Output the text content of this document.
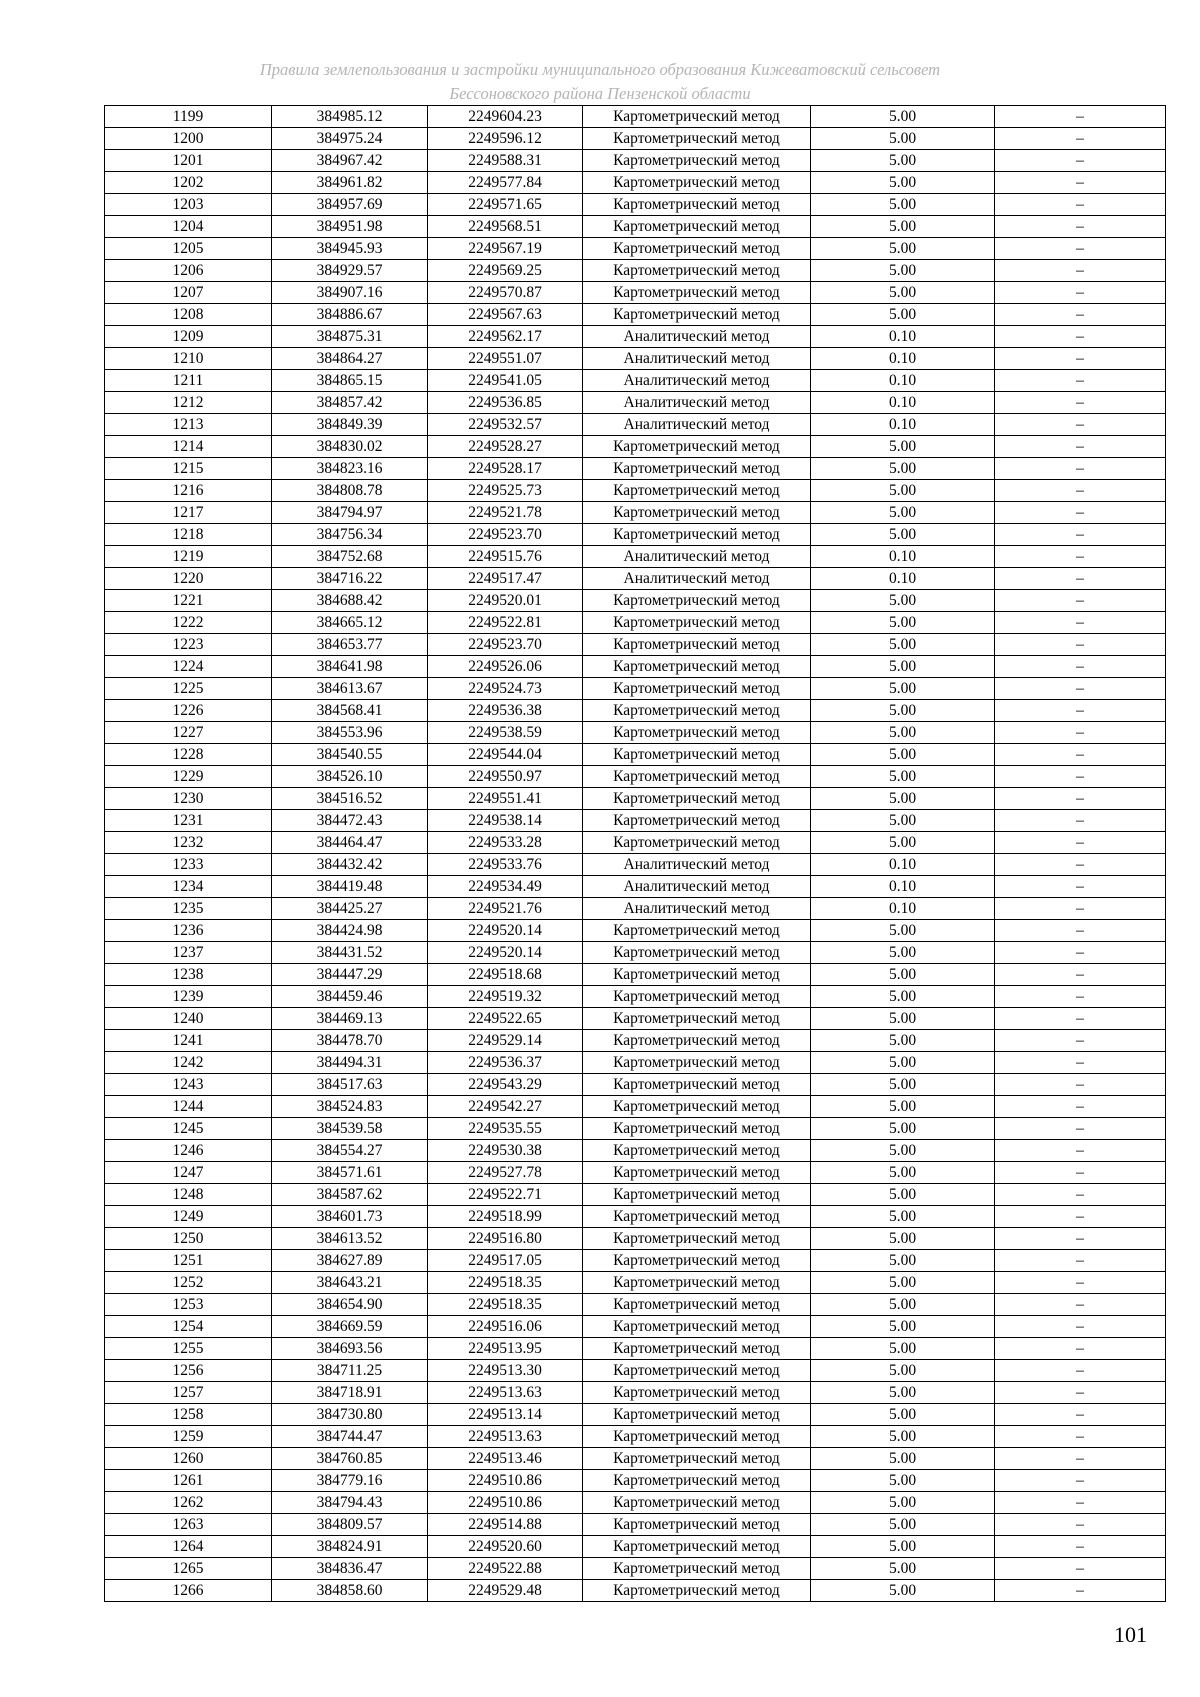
Правила землепользования и застройки муниципального образования Кижеватовский сельсовет
Бессоновского района Пензенской области
1199	384985.12	2249604.23	Картометрический метод	5.00	–
1200	384975.24	2249596.12	Картометрический метод	5.00	–
1201	384967.42	2249588.31	Картометрический метод	5.00	–
1202	384961.82	2249577.84	Картометрический метод	5.00	–
1203	384957.69	2249571.65	Картометрический метод	5.00	–
1204	384951.98	2249568.51	Картометрический метод	5.00	–
1205	384945.93	2249567.19	Картометрический метод	5.00	–
1206	384929.57	2249569.25	Картометрический метод	5.00	–
1207	384907.16	2249570.87	Картометрический метод	5.00	–
1208	384886.67	2249567.63	Картометрический метод	5.00	–
1209	384875.31	2249562.17	Аналитический метод	0.10	–
1210	384864.27	2249551.07	Аналитический метод	0.10	–
1211	384865.15	2249541.05	Аналитический метод	0.10	–
1212	384857.42	2249536.85	Аналитический метод	0.10	–
1213	384849.39	2249532.57	Аналитический метод	0.10	–
1214	384830.02	2249528.27	Картометрический метод	5.00	–
1215	384823.16	2249528.17	Картометрический метод	5.00	–
1216	384808.78	2249525.73	Картометрический метод	5.00	–
1217	384794.97	2249521.78	Картометрический метод	5.00	–
1218	384756.34	2249523.70	Картометрический метод	5.00	–
1219	384752.68	2249515.76	Аналитический метод	0.10	–
1220	384716.22	2249517.47	Аналитический метод	0.10	–
1221	384688.42	2249520.01	Картометрический метод	5.00	–
1222	384665.12	2249522.81	Картометрический метод	5.00	–
1223	384653.77	2249523.70	Картометрический метод	5.00	–
1224	384641.98	2249526.06	Картометрический метод	5.00	–
1225	384613.67	2249524.73	Картометрический метод	5.00	–
1226	384568.41	2249536.38	Картометрический метод	5.00	–
1227	384553.96	2249538.59	Картометрический метод	5.00	–
1228	384540.55	2249544.04	Картометрический метод	5.00	–
1229	384526.10	2249550.97	Картометрический метод	5.00	–
1230	384516.52	2249551.41	Картометрический метод	5.00	–
1231	384472.43	2249538.14	Картометрический метод	5.00	–
1232	384464.47	2249533.28	Картометрический метод	5.00	–
1233	384432.42	2249533.76	Аналитический метод	0.10	–
1234	384419.48	2249534.49	Аналитический метод	0.10	–
1235	384425.27	2249521.76	Аналитический метод	0.10	–
1236	384424.98	2249520.14	Картометрический метод	5.00	–
1237	384431.52	2249520.14	Картометрический метод	5.00	–
1238	384447.29	2249518.68	Картометрический метод	5.00	–
1239	384459.46	2249519.32	Картометрический метод	5.00	–
1240	384469.13	2249522.65	Картометрический метод	5.00	–
1241	384478.70	2249529.14	Картометрический метод	5.00	–
1242	384494.31	2249536.37	Картометрический метод	5.00	–
1243	384517.63	2249543.29	Картометрический метод	5.00	–
1244	384524.83	2249542.27	Картометрический метод	5.00	–
1245	384539.58	2249535.55	Картометрический метод	5.00	–
1246	384554.27	2249530.38	Картометрический метод	5.00	–
1247	384571.61	2249527.78	Картометрический метод	5.00	–
1248	384587.62	2249522.71	Картометрический метод	5.00	–
1249	384601.73	2249518.99	Картометрический метод	5.00	–
1250	384613.52	2249516.80	Картометрический метод	5.00	–
1251	384627.89	2249517.05	Картометрический метод	5.00	–
1252	384643.21	2249518.35	Картометрический метод	5.00	–
1253	384654.90	2249518.35	Картометрический метод	5.00	–
1254	384669.59	2249516.06	Картометрический метод	5.00	–
1255	384693.56	2249513.95	Картометрический метод	5.00	–
1256	384711.25	2249513.30	Картометрический метод	5.00	–
1257	384718.91	2249513.63	Картометрический метод	5.00	–
1258	384730.80	2249513.14	Картометрический метод	5.00	–
1259	384744.47	2249513.63	Картометрический метод	5.00	–
1260	384760.85	2249513.46	Картометрический метод	5.00	–
1261	384779.16	2249510.86	Картометрический метод	5.00	–
1262	384794.43	2249510.86	Картометрический метод	5.00	–
1263	384809.57	2249514.88	Картометрический метод	5.00	–
1264	384824.91	2249520.60	Картометрический метод	5.00	–
1265	384836.47	2249522.88	Картометрический метод	5.00	–
1266	384858.60	2249529.48	Картометрический метод	5.00	–
101
